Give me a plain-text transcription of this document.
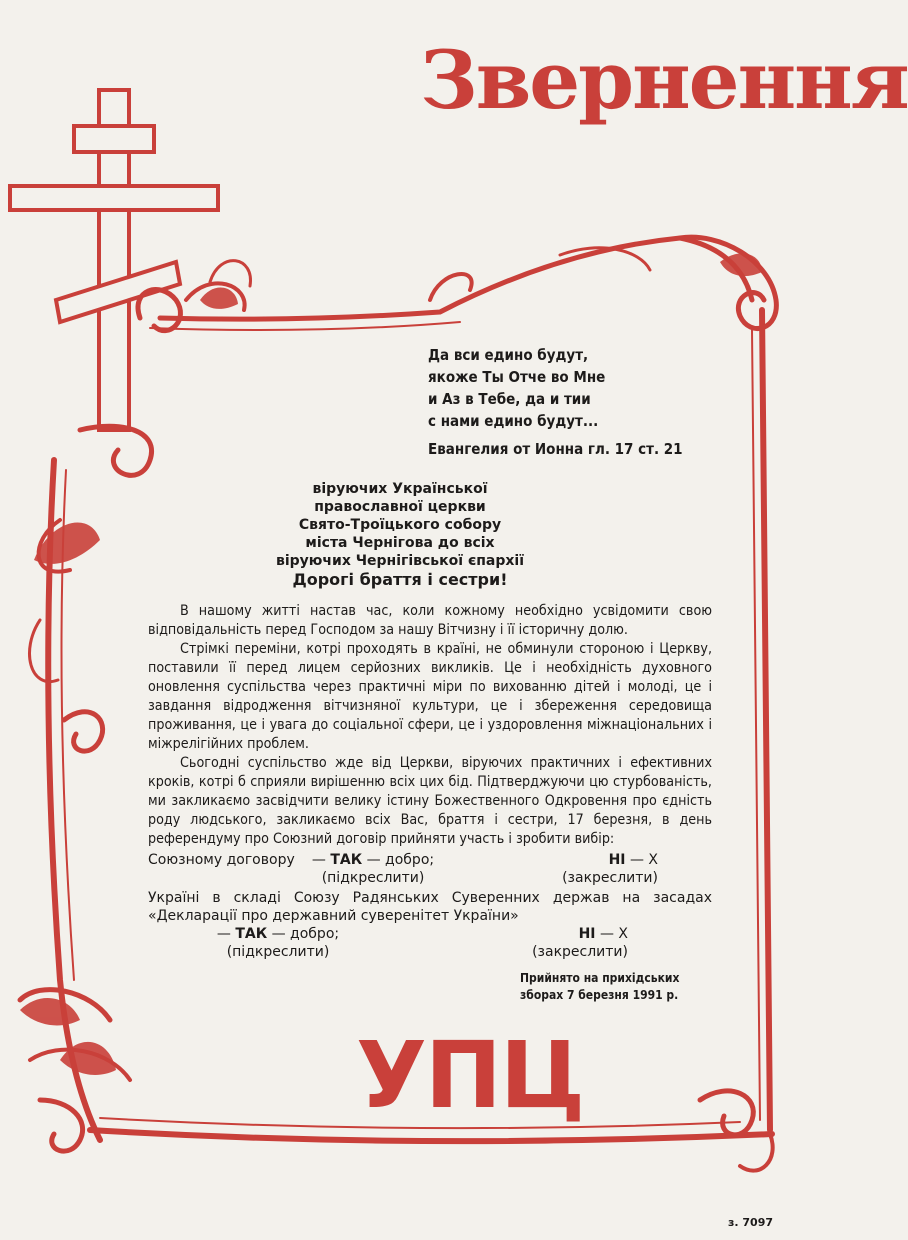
Звернення
Да вси едино будут,
якоже Ты Отче во Мне
и Аз в Тебе, да и тии
с нами едино будут...
Евангелия от Ионна гл. 17 ст. 21
віруючих Української
православної церкви
Свято-Троїцького собору
міста Чернігова до всіх
віруючих Чернігівської єпархії
Дорогі браття і сестри!

В нашому житті настав час, коли кожному необхідно усвідомити свою відповідальність перед Господом за нашу Вітчизну і її історичну долю.

Стрімкі переміни, котрі проходять в країні, не обминули стороною і Церкву, поставили її перед лицем серйозних викликів. Це і необхідність духовного оновлення суспільства через практичні міри по вихованню дітей і молоді, це і завдання відродження вітчизняної культури, це і збереження середовища проживання, це і увага до соціальної сфери, це і уздоровлення міжнаціональних і міжрелігійних проблем.

Сьогодні суспільство жде від Церкви, віруючих практичних і ефективних кроків, котрі б сприяли вирішенню всіх цих бід. Підтверджуючи цю стурбованість, ми закликаємо засвідчити велику істину Божественного Одкровення про єдність роду людського, закликаємо всіх Вас, браття і сестри, 17 березня, в день референдуму про Союзний договір прийняти участь і зробити вибір:

Союзному договору	— ТАК — добро;
(підкреслити)
НІ — Х
(закреслити)
Україні в складі Союзу Радянських Суверенних держав на засадах
«Декларації про державний суверенітет України»
— ТАК — добро;
(підкреслити)
НІ — Х
(закреслити)
Прийнято на прихідських
зборах 7 березня 1991 р.
УПЦ
з. 7097
